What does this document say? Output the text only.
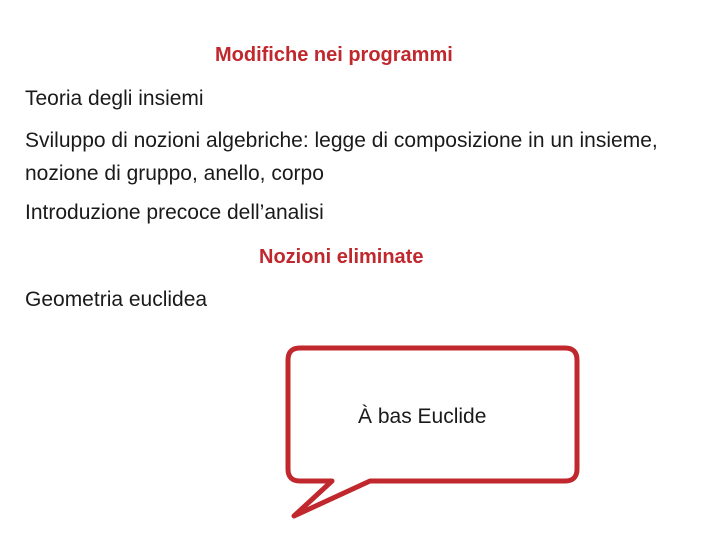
Modifiche nei programmi
Teoria degli insiemi
Sviluppo di nozioni algebriche: legge di composizione in un insieme, nozione di gruppo, anello, corpo
Introduzione precoce dell’analisi
Nozioni eliminate
Geometria euclidea
À bas Euclide
